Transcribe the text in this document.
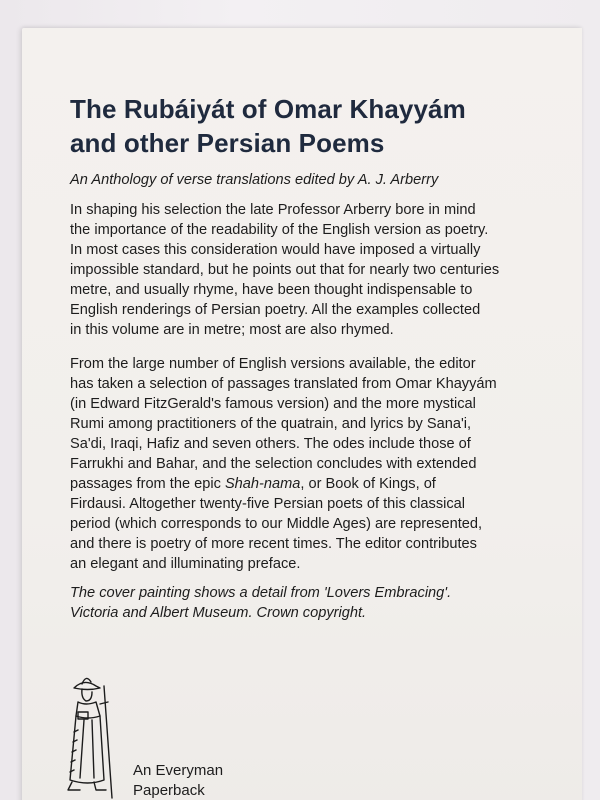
The Rubáiyát of Omar Khayyám
and other Persian Poems

An Anthology of verse translations edited by A. J. Arberry

In shaping his selection the late Professor Arberry bore in mind
the importance of the readability of the English version as poetry.
In most cases this consideration would have imposed a virtually
impossible standard, but he points out that for nearly two centuries
metre, and usually rhyme, have been thought indispensable to
English renderings of Persian poetry. All the examples collected
in this volume are in metre; most are also rhymed.

From the large number of English versions available, the editor
has taken a selection of passages translated from Omar Khayyám
(in Edward FitzGerald's famous version) and the more mystical
Rumi among practitioners of the quatrain, and lyrics by Sana'i,
Sa'di, Iraqi, Hafiz and seven others. The odes include those of
Farrukhi and Bahar, and the selection concludes with extended
passages from the epic Shah-nama, or Book of Kings, of
Firdausi. Altogether twenty-five Persian poets of this classical
period (which corresponds to our Middle Ages) are represented,
and there is poetry of more recent times. The editor contributes
an elegant and illuminating preface.

The cover painting shows a detail from 'Lovers Embracing'.
Victoria and Albert Museum. Crown copyright.

An Everyman
Paperback
